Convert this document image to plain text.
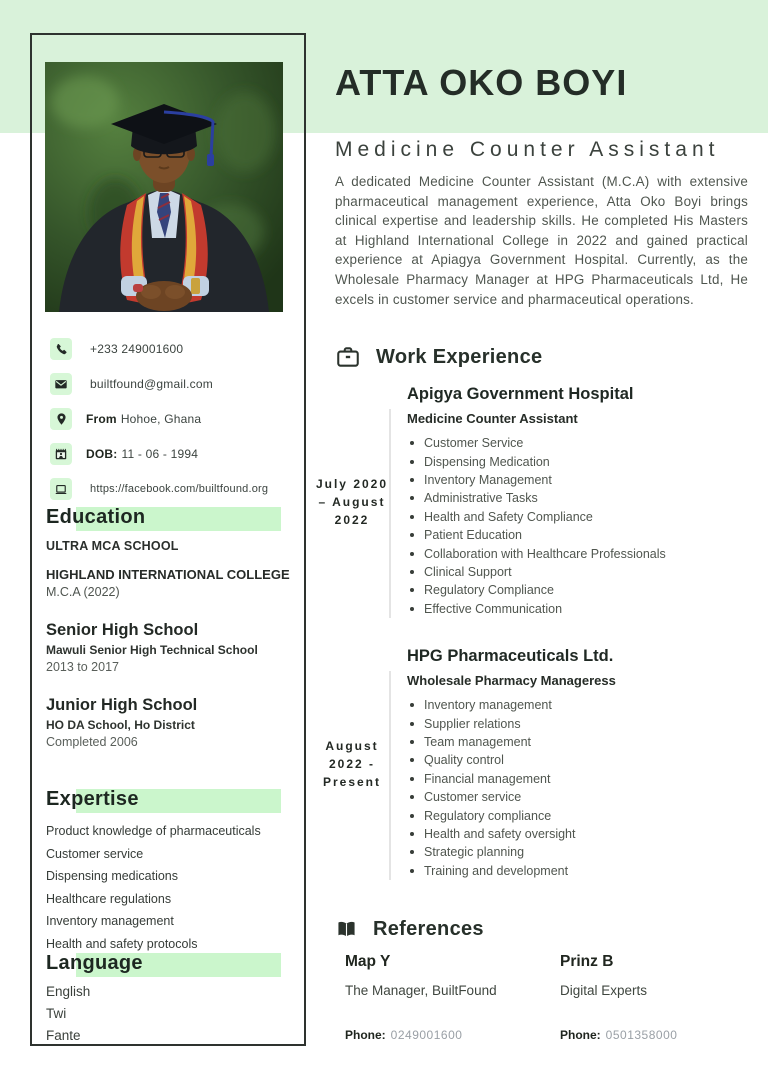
+233 249001600
builtfound@gmail.com
From Hohoe, Ghana
DOB: 11 - 06 - 1994
https://facebook.com/builtfound.org
Education
ULTRA MCA SCHOOL
HIGHLAND INTERNATIONAL COLLEGE
M.C.A (2022)
Senior High School
Mawuli Senior High Technical School
2013 to 2017
Junior High School
HO DA School, Ho District
Completed 2006
Expertise
Product knowledge of pharmaceuticals
Customer service
Dispensing medications
Healthcare regulations
Inventory management
Health and safety protocols
Language
English
Twi
Fante
ATTA OKO BOYI
Medicine Counter Assistant

A dedicated Medicine Counter Assistant (M.C.A) with extensive pharmaceutical management experience, Atta Oko Boyi brings clinical expertise and leadership skills. He completed His Masters at Highland International College in 2022 and gained practical experience at Apiagya Government Hospital. Currently, as the Wholesale Pharmacy Manager at HPG Pharmaceuticals Ltd, He excels in customer service and pharmaceutical operations.

Work Experience
July 2020 – August 2022
Apigya Government Hospital
Medicine Counter Assistant
Customer Service
Dispensing Medication
Inventory Management
Administrative Tasks
Health and Safety Compliance
Patient Education
Collaboration with Healthcare Professionals
Clinical Support
Regulatory Compliance
Effective Communication
August 2022 - Present
HPG Pharmaceuticals Ltd.
Wholesale Pharmacy Manageress
Inventory management
Supplier relations
Team management
Quality control
Financial management
Customer service
Regulatory compliance
Health and safety oversight
Strategic planning
Training and development
References
Map Y
The Manager, BuiltFound
Phone: 0249001600
Prinz B
Digital Experts
Phone: 0501358000
